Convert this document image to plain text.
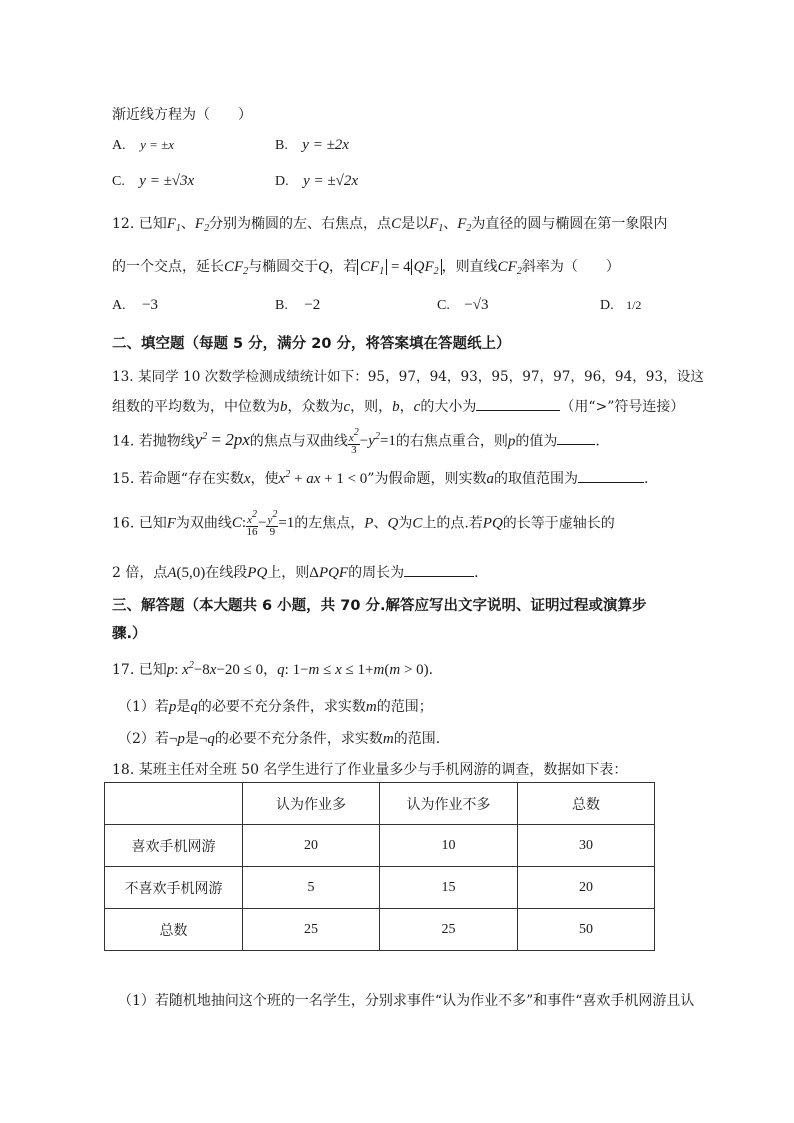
渐近线方程为（　　）
A. y = ±x	B. y = ±2x
C. y = ±√3x	D. y = ±√2x
12. 已知$F_1$、$F_2$分别为椭圆的左、右焦点，点C是以$F_1$、$F_2$为直径的圆与椭圆在第一象限内
的一个交点，延长$CF_2$与椭圆交于Q，若 $CF_1 = 4$ $QF_2$ ，则直线$CF_2$斜率为（　　）
A. −3	B. −2	C. −√3	D. 1/2
二、填空题（每题 5 分，满分 20 分，将答案填在答题纸上）
13. 某同学 10 次数学检测成绩统计如下：95，97，94，93，95，97，97，96，94，93，设这
组数的平均数为，中位数为b，众数为c，则，b，c的大小为	（用“>”符号连接）
14. 若抛物线$y^2 = 2px$的焦点与双曲线 $\frac{x^2}{3} -y^2=1$的右焦点重合，则p的值为	.
15. 若命题“存在实数x，使$x^2$ + ax + 1 < 0”为假命题，则实数a的取值范围为	.
16. 已知F为双曲线C: $\frac{x^2}{16} - \frac{y^2}{9} =1$的左焦点，P、Q为C上的点.若PQ的长等于虚轴长的
2 倍，点A(5,0)在线段PQ上，则ΔPQF的周长为	.
三、解答题（本大题共 6 小题，共 70 分.解答应写出文字说明、证明过程或演算步
骤.）
17. 已知p: $x^2-8x-20 \le 0$，q: 1−m ≤ x ≤ 1+m(m > 0).
（1）若p是q的必要不充分条件，求实数m的范围；
（2）若¬p是¬q的必要不充分条件，求实数m的范围.
18. 某班主任对全班 50 名学生进行了作业量多少与手机网游的调查，数据如下表：
	认为作业多	认为作业不多	总数
喜欢手机网游	20	10	30
不喜欢手机网游	5	15	20
总数	25	25	50
（1）若随机地抽问这个班的一名学生，分别求事件“认为作业不多”和事件“喜欢手机网游且认
